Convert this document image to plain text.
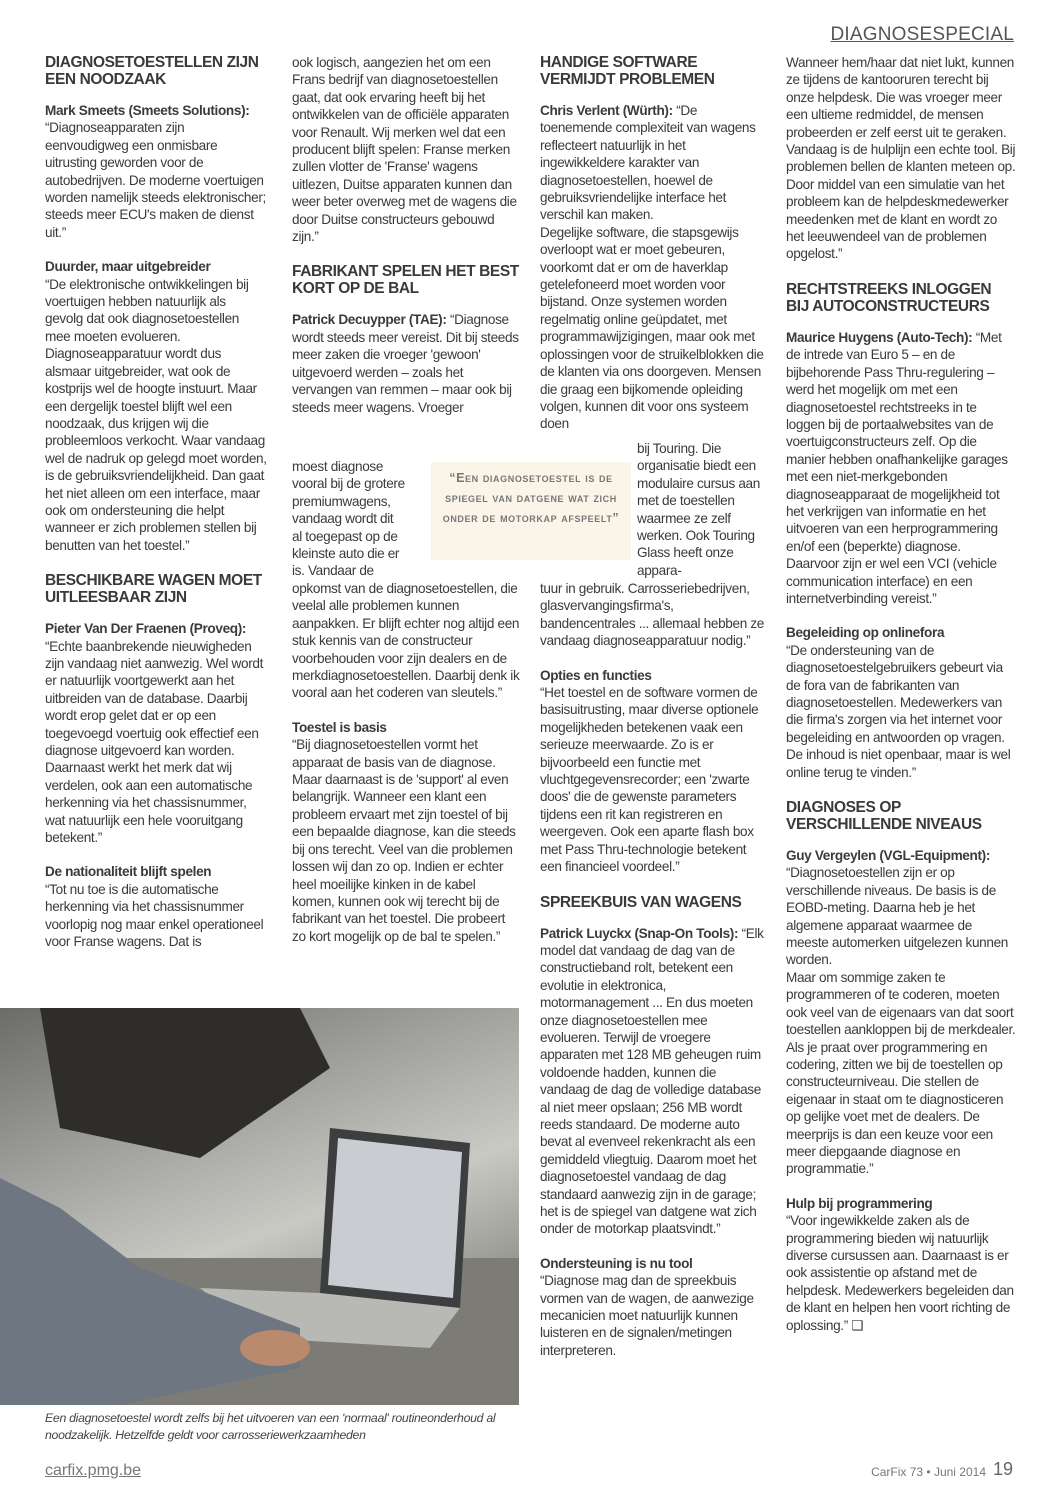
DIAGNOSESPECIAL
DIAGNOSETOESTELLEN ZIJN EEN NOODZAAK
Mark Smeets (Smeets Solutions): “Diagnoseapparaten zijn eenvoudigweg een onmisbare uitrusting geworden voor de autobedrijven. De moderne voertuigen worden namelijk steeds elektronischer; steeds meer ECU's maken de dienst uit.”
Duurder, maar uitgebreider
“De elektronische ontwikkelingen bij voertuigen hebben natuurlijk als gevolg dat ook diagnosetoestellen mee moeten evolueren. Diagnoseapparatuur wordt dus alsmaar uitgebreider, wat ook de kostprijs wel de hoogte instuurt. Maar een dergelijk toestel blijft wel een noodzaak, dus krijgen wij die probleemloos verkocht. Waar vandaag wel de nadruk op gelegd moet worden, is de gebruiksvriendelijkheid. Dan gaat het niet alleen om een interface, maar ook om ondersteuning die helpt wanneer er zich problemen stellen bij benutten van het toestel.”
BESCHIKBARE WAGEN MOET UITLEESBAAR ZIJN
Pieter Van Der Fraenen (Proveq): “Echte baanbrekende nieuwigheden zijn vandaag niet aanwezig. Wel wordt er natuurlijk voortgewerkt aan het uitbreiden van de database. Daarbij wordt erop gelet dat er op een toegevoegd voertuig ook effectief een diagnose uitgevoerd kan worden. Daarnaast werkt het merk dat wij verdelen, ook aan een automatische herkenning via het chassisnummer, wat natuurlijk een hele vooruitgang betekent.”
De nationaliteit blijft spelen
“Tot nu toe is die automatische herkenning via het chassisnummer voorlopig nog maar enkel operationeel voor Franse wagens. Dat is
ook logisch, aangezien het om een Frans bedrijf van diagnosetoestellen gaat, dat ook ervaring heeft bij het ontwikkelen van de officiële apparaten voor Renault. Wij merken wel dat een producent blijft spelen: Franse merken zullen vlotter de 'Franse' wagens uitlezen, Duitse apparaten kunnen dan weer beter overweg met de wagens die door Duitse constructeurs gebouwd zijn.”
FABRIKANT SPELEN HET BEST KORT OP DE BAL
Patrick Decuypper (TAE): “Diagnose wordt steeds meer vereist. Dit bij steeds meer zaken die vroeger 'gewoon' uitgevoerd werden – zoals het vervangen van remmen – maar ook bij steeds meer wagens. Vroeger
moest diagnose vooral bij de grotere premiumwagens, vandaag wordt dit al toegepast op de kleinste auto die er is. Vandaar de
opkomst van de diagnosetoestellen, die veelal alle problemen kunnen aanpakken. Er blijft echter nog altijd een stuk kennis van de constructeur voorbehouden voor zijn dealers en de merkdiagnosetoestellen. Daarbij denk ik vooral aan het coderen van sleutels.”
Toestel is basis
“Bij diagnosetoestellen vormt het apparaat de basis van de diagnose. Maar daarnaast is de 'support' al even belangrijk. Wanneer een klant een probleem ervaart met zijn toestel of bij een bepaalde diagnose, kan die steeds bij ons terecht. Veel van die problemen lossen wij dan zo op. Indien er echter heel moeilijke kinken in de kabel komen, kunnen ook wij terecht bij de fabrikant van het toestel. Die probeert zo kort mogelijk op de bal te spelen.”
HANDIGE SOFTWARE VERMIJDT PROBLEMEN
Chris Verlent (Würth): “De toenemende complexiteit van wagens reflecteert natuurlijk in het ingewikkeldere karakter van diagnosetoestellen, hoewel de gebruiksvriendelijke interface het verschil kan maken.
Degelijke software, die stapsgewijs overloopt wat er moet gebeuren, voorkomt dat er om de haverklap getelefoneerd moet worden voor bijstand. Onze systemen worden regelmatig online geüpdatet, met programmawijzigingen, maar ook met oplossingen voor de struikelblokken die de klanten via ons doorgeven. Mensen die graag een bijkomende opleiding volgen, kunnen dit voor ons systeem doen
bij Touring. Die organisatie biedt een modulaire cursus aan met de toestellen waarmee ze zelf werken. Ook Touring Glass heeft onze appara-
tuur in gebruik. Carrosseriebedrijven, glasvervangingsfirma's, bandencentrales ... allemaal hebben ze vandaag diagnoseapparatuur nodig.”
Opties en functies
“Het toestel en de software vormen de basisuitrusting, maar diverse optionele mogelijkheden betekenen vaak een serieuze meerwaarde. Zo is er bijvoorbeeld een functie met vluchtgegevensrecorder; een 'zwarte doos' die de gewenste parameters tijdens een rit kan registreren en weergeven. Ook een aparte flash box met Pass Thru-technologie betekent een financieel voordeel.”
SPREEKBUIS VAN WAGENS
Patrick Luyckx (Snap-On Tools): “Elk model dat vandaag de dag van de constructieband rolt, betekent een evolutie in elektronica, motormanagement ... En dus moeten onze diagnosetoestellen mee evolueren. Terwijl de vroegere apparaten met 128 MB geheugen ruim voldoende hadden, kunnen die vandaag de dag de volledige database al niet meer opslaan; 256 MB wordt reeds standaard. De moderne auto bevat al evenveel rekenkracht als een gemiddeld vliegtuig. Daarom moet het diagnosetoestel vandaag de dag standaard aanwezig zijn in de garage; het is de spiegel van datgene wat zich onder de motorkap plaatsvindt.”
Ondersteuning is nu tool
“Diagnose mag dan de spreekbuis vormen van de wagen, de aanwezige mecanicien moet natuurlijk kunnen luisteren en de signalen/metingen interpreteren.
Wanneer hem/haar dat niet lukt, kunnen ze tijdens de kantooruren terecht bij onze helpdesk. Die was vroeger meer een ultieme redmiddel, de mensen probeerden er zelf eerst uit te geraken. Vandaag is de hulplijn een echte tool. Bij problemen bellen de klanten meteen op. Door middel van een simulatie van het probleem kan de helpdeskmedewerker meedenken met de klant en wordt zo het leeuwendeel van de problemen opgelost.”
RECHTSTREEKS INLOGGEN BIJ AUTOCONSTRUCTEURS
Maurice Huygens (Auto-Tech): “Met de intrede van Euro 5 – en de bijbehorende Pass Thru-regulering – werd het mogelijk om met een diagnosetoestel rechtstreeks in te loggen bij de portaalwebsites van de voertuigconstructeurs zelf. Op die manier hebben onafhankelijke garages met een niet-merkgebonden diagnoseapparaat de mogelijkheid tot het verkrijgen van informatie en het uitvoeren van een herprogrammering en/of een (beperkte) diagnose. Daarvoor zijn er wel een VCI (vehicle communication interface) en een internetverbinding vereist.”
Begeleiding op onlinefora
“De ondersteuning van de diagnosetoestelgebruikers gebeurt via de fora van de fabrikanten van diagnosetoestellen. Medewerkers van die firma's zorgen via het internet voor begeleiding en antwoorden op vragen. De inhoud is niet openbaar, maar is wel online terug te vinden.”
DIAGNOSES OP VERSCHILLENDE NIVEAUS
Guy Vergeylen (VGL-Equipment): “Diagnosetoestellen zijn er op verschillende niveaus. De basis is de EOBD-meting. Daarna heb je het algemene apparaat waarmee de meeste automerken uitgelezen kunnen worden.
Maar om sommige zaken te programmeren of te coderen, moeten ook veel van de eigenaars van dat soort toestellen aankloppen bij de merkdealer. Als je praat over programmering en codering, zitten we bij de toestellen op constructeurniveau. Die stellen de eigenaar in staat om te diagnosticeren op gelijke voet met de dealers. De meerprijs is dan een keuze voor een meer diepgaande diagnose en programmatie.”
Hulp bij programmering
“Voor ingewikkelde zaken als de programmering bieden wij natuurlijk diverse cursussen aan. Daarnaast is er ook assistentie op afstand met de helpdesk. Medewerkers begeleiden dan de klant en helpen hen voort richting de oplossing.” ❑
“Een diagnosetoestel is de spiegel van datgene wat zich onder de motorkap afspeelt”
Een diagnosetoestel wordt zelfs bij het uitvoeren van een 'normaal' routineonderhoud al noodzakelijk. Hetzelfde geldt voor carrosseriewerkzaamheden
carfix.pmg.be	CarFix 73 • Juni 2014 19
